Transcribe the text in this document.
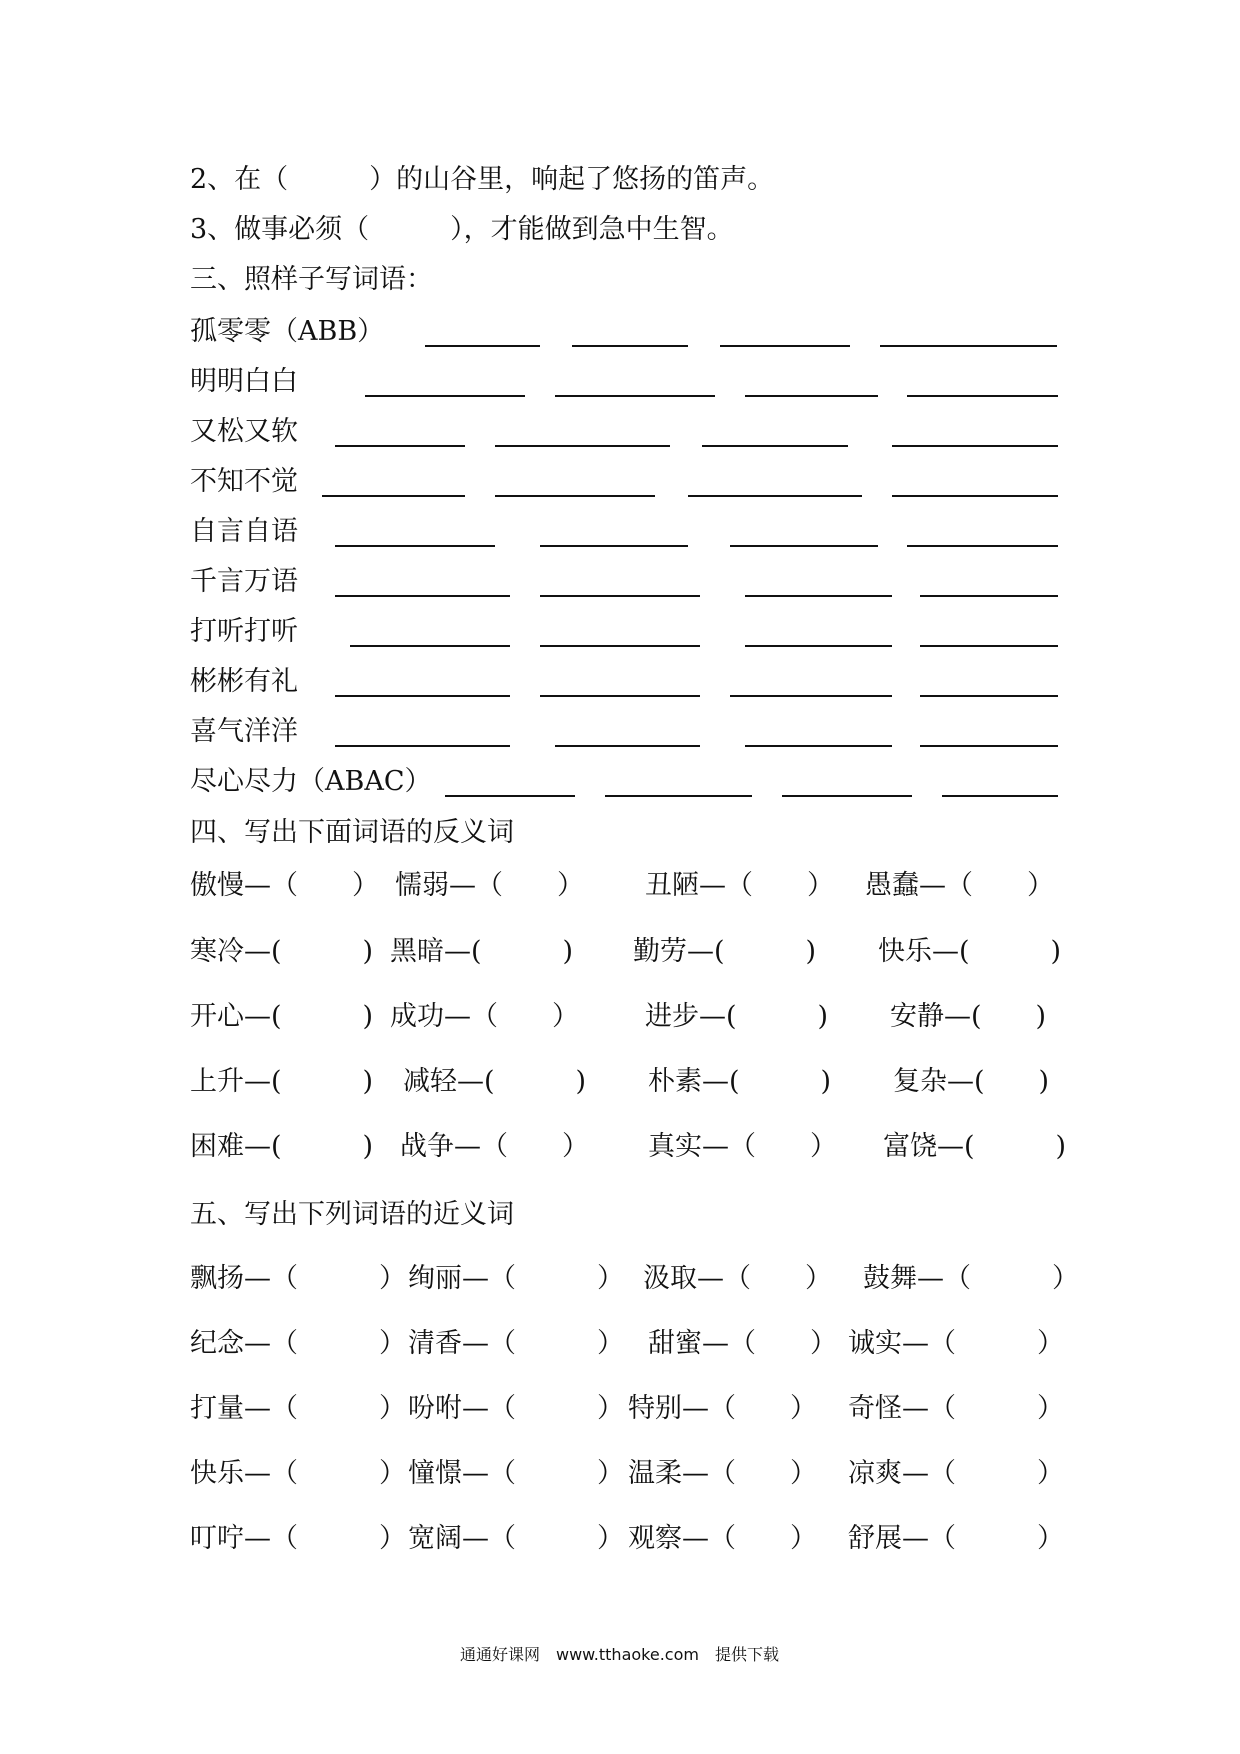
2、在（　　　）的山谷里，响起了悠扬的笛声。
3、做事必须（　　　），才能做到急中生智。
三、照样子写词语：
孤零零（ABB）
明明白白
又松又软
不知不觉
自言自语
千言万语
打听打听
彬彬有礼
喜气洋洋
尽心尽力（ABAC）
四、写出下面词语的反义词
傲慢—（　　） 懦弱—（　　） 丑陋—（　　） 愚蠢—（　　）
寒冷—(　　　) 黑暗—(　　　) 勤劳—(　　　) 快乐—(　　　)
开心—(　　　) 成功—（　　） 进步—(　　　) 安静—(　　)
上升—(　　　) 减轻—(　　　) 朴素—(　　　) 复杂—(　　)
困难—(　　　) 战争—（　　） 真实—（　　） 富饶—(　　　)
五、写出下列词语的近义词
飘扬—（　　　） 绚丽—（　　　） 汲取—（　　） 鼓舞—（　　　）
纪念—（　　　） 清香—（　　　） 甜蜜—（　　） 诚实—（　　　）
打量—（　　　） 吩咐—（　　　） 特别—（　　） 奇怪—（　　　）
快乐—（　　　） 憧憬—（　　　） 温柔—（　　） 凉爽—（　　　）
叮咛—（　　　） 宽阔—（　　　） 观察—（　　） 舒展—（　　　）
通通好课网　www.tthaoke.com　提供下载
